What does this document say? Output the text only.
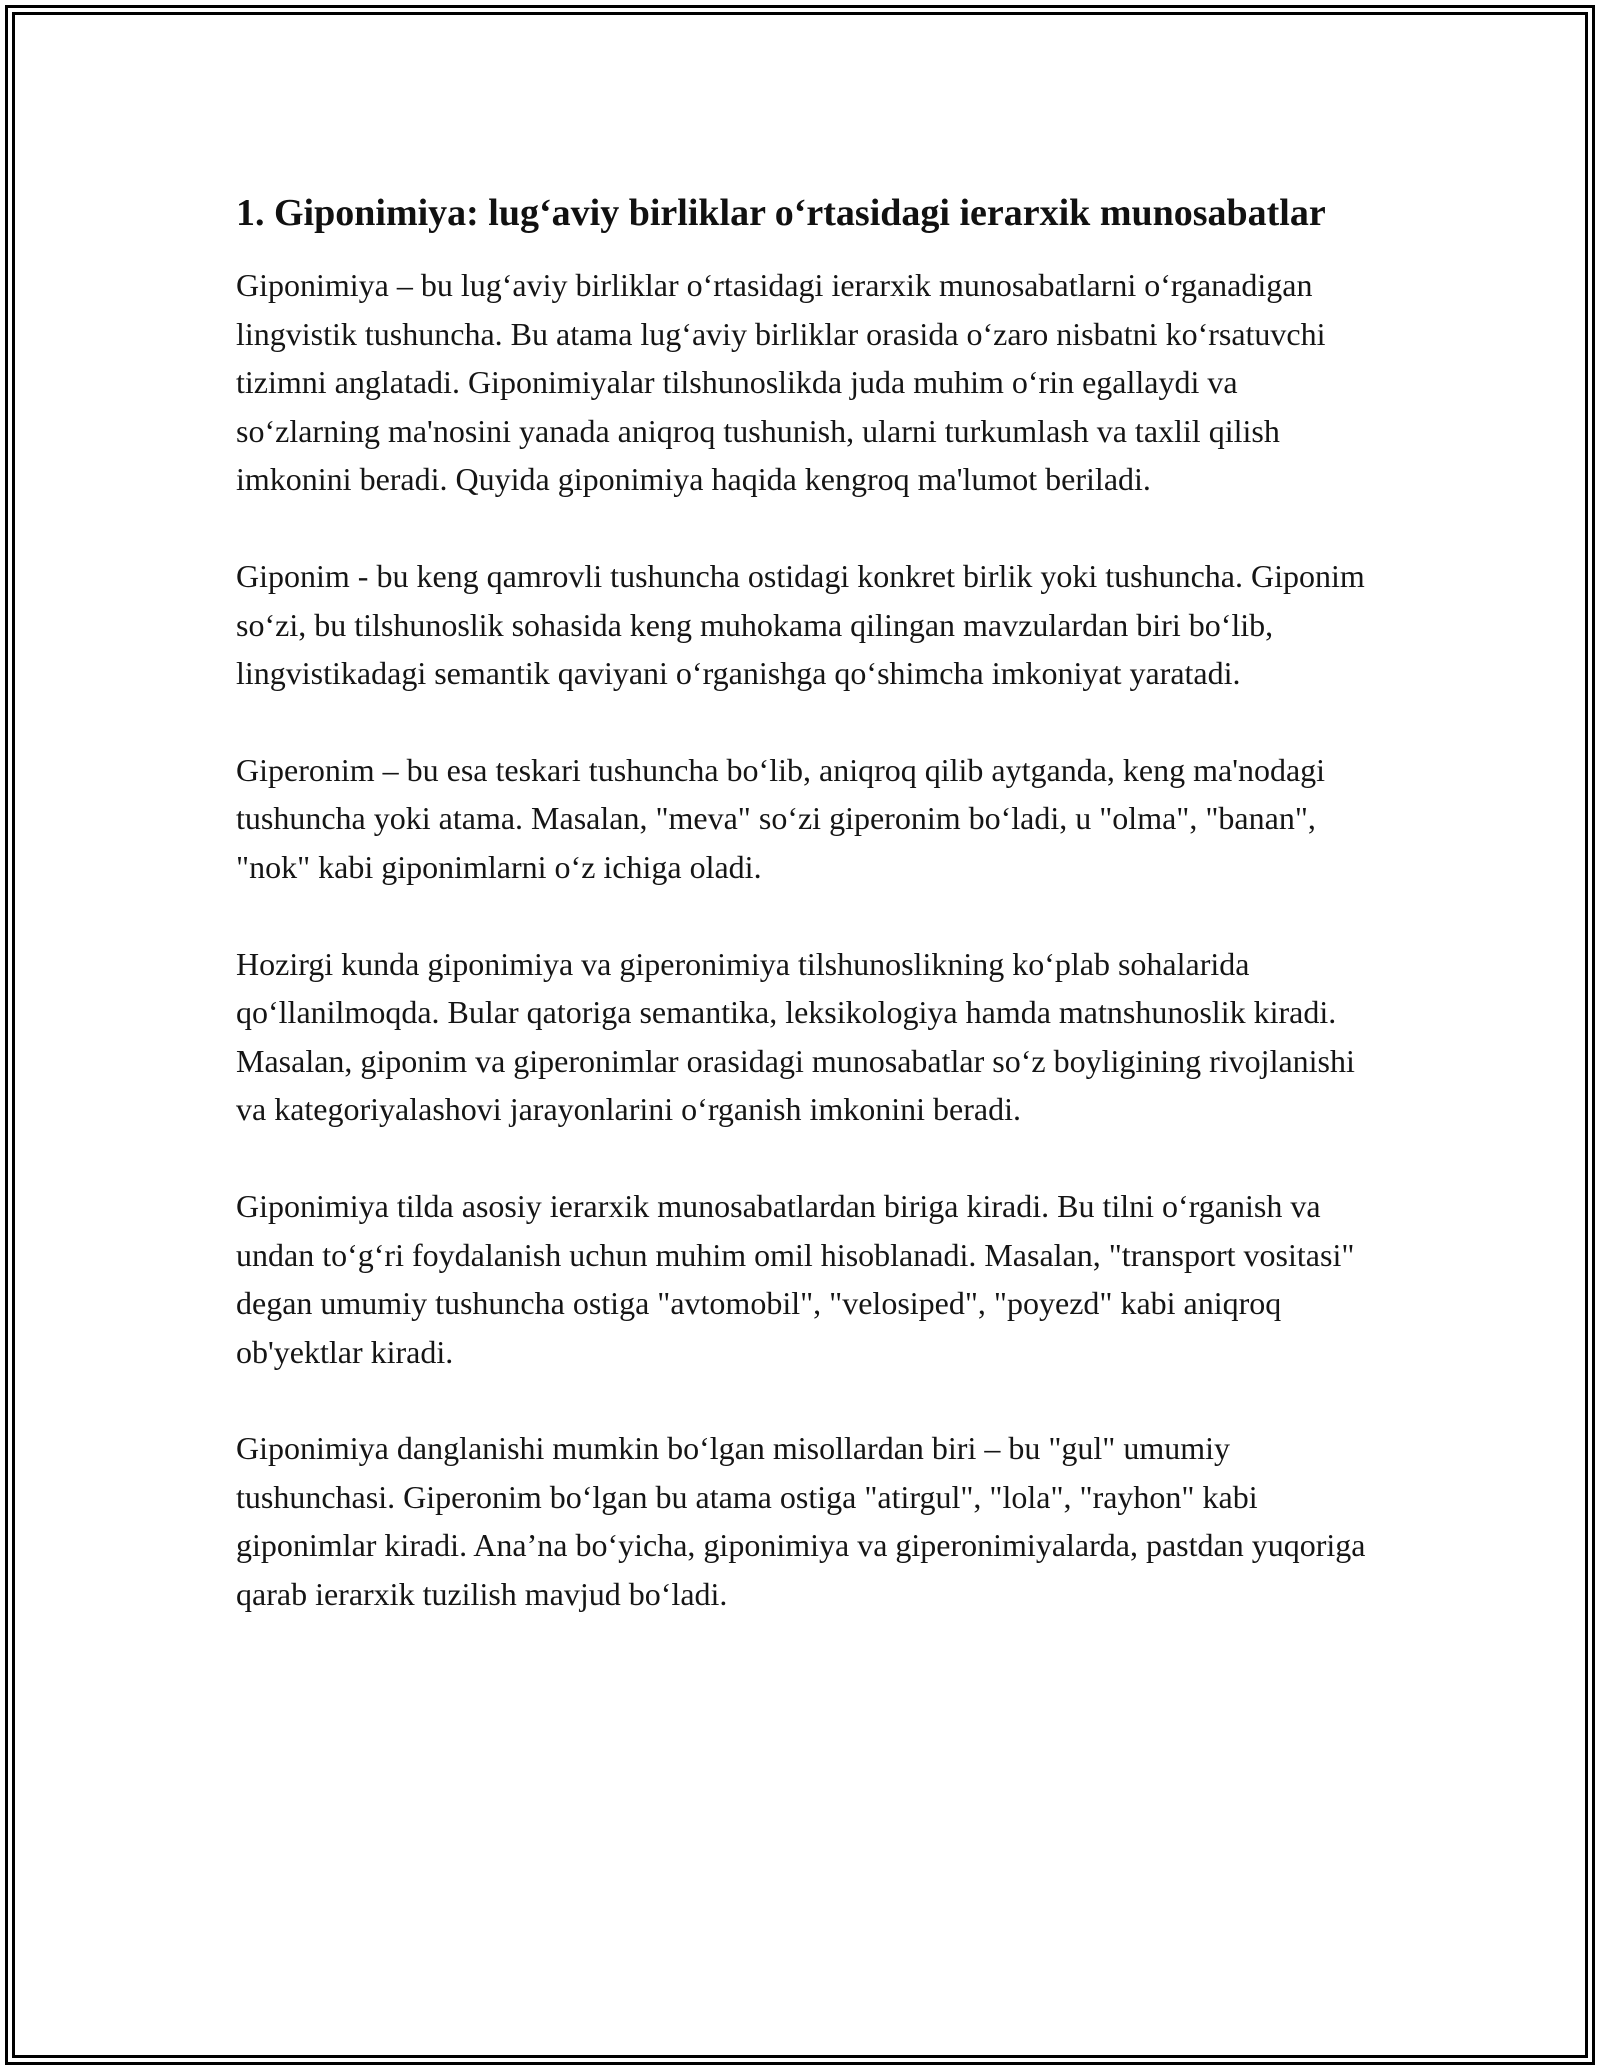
1. Giponimiya: lug‘aviy birliklar o‘rtasidagi ierarxik munosabatlar

Giponimiya – bu lug‘aviy birliklar o‘rtasidagi ierarxik munosabatlarni o‘rganadigan lingvistik tushuncha. Bu atama lug‘aviy birliklar orasida o‘zaro nisbatni ko‘rsatuvchi tizimni anglatadi. Giponimiyalar tilshunoslikda juda muhim o‘rin egallaydi va so‘zlarning ma'nosini yanada aniqroq tushunish, ularni turkumlash va taxlil qilish imkonini beradi. Quyida giponimiya haqida kengroq ma'lumot beriladi.

Giponim - bu keng qamrovli tushuncha ostidagi konkret birlik yoki tushuncha. Giponim so‘zi, bu tilshunoslik sohasida keng muhokama qilingan mavzulardan biri bo‘lib, lingvistikadagi semantik qaviyani o‘rganishga qo‘shimcha imkoniyat yaratadi.

Giperonim – bu esa teskari tushuncha bo‘lib, aniqroq qilib aytganda, keng ma'nodagi tushuncha yoki atama. Masalan, "meva" so‘zi giperonim bo‘ladi, u "olma", "banan", "nok" kabi giponimlarni o‘z ichiga oladi.

Hozirgi kunda giponimiya va giperonimiya tilshunoslikning ko‘plab sohalarida qo‘llanilmoqda. Bular qatoriga semantika, leksikologiya hamda matnshunoslik kiradi. Masalan, giponim va giperonimlar orasidagi munosabatlar so‘z boyligining rivojlanishi va kategoriyalashovi jarayonlarini o‘rganish imkonini beradi.

Giponimiya tilda asosiy ierarxik munosabatlardan biriga kiradi. Bu tilni o‘rganish va undan to‘g‘ri foydalanish uchun muhim omil hisoblanadi. Masalan, "transport vositasi" degan umumiy tushuncha ostiga "avtomobil", "velosiped", "poyezd" kabi aniqroq ob'yektlar kiradi.

Giponimiya danglanishi mumkin bo‘lgan misollardan biri – bu "gul" umumiy tushunchasi. Giperonim bo‘lgan bu atama ostiga "atirgul", "lola", "rayhon" kabi giponimlar kiradi. Ana’na bo‘yicha, giponimiya va giperonimiyalarda, pastdan yuqoriga qarab ierarxik tuzilish mavjud bo‘ladi.
